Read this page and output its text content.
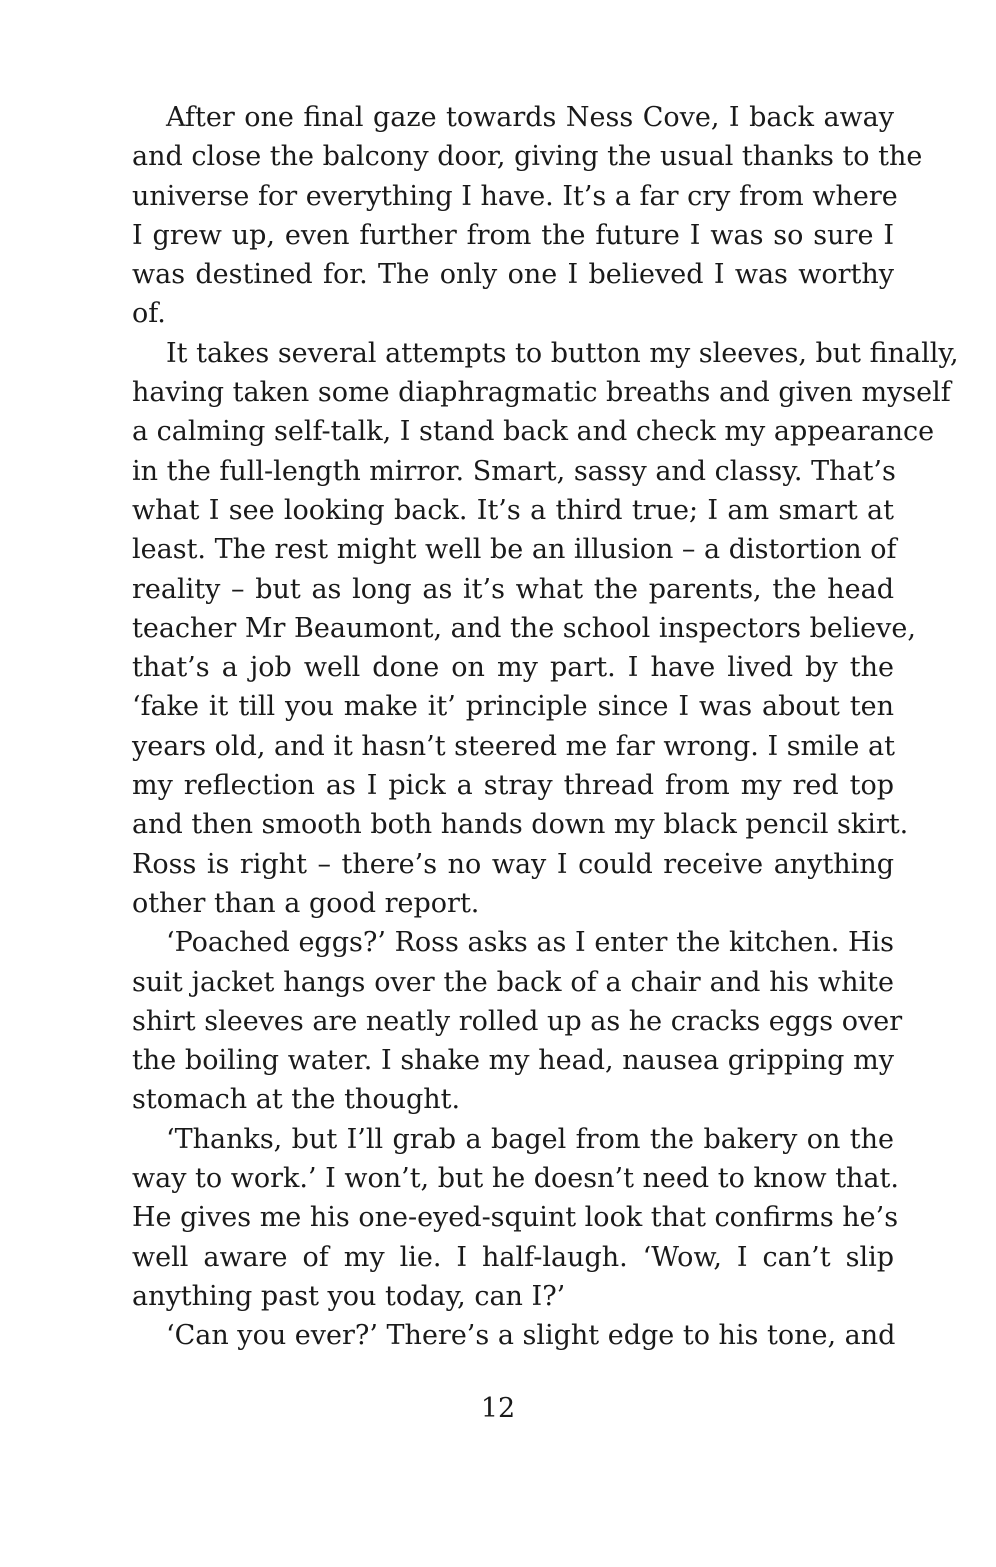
After one final gaze towards Ness Cove, I back away
and close the balcony door, giving the usual thanks to the
universe for everything I have. It’s a far cry from where
I grew up, even further from the future I was so sure I
was destined for. The only one I believed I was worthy
of.
It takes several attempts to button my sleeves, but finally,
having taken some diaphragmatic breaths and given myself
a calming self-talk, I stand back and check my appearance
in the full-length mirror. Smart, sassy and classy. That’s
what I see looking back. It’s a third true; I am smart at
least. The rest might well be an illusion – a distortion of
reality – but as long as it’s what the parents, the head
teacher Mr Beaumont, and the school inspectors believe,
that’s a job well done on my part. I have lived by the
‘fake it till you make it’ principle since I was about ten
years old, and it hasn’t steered me far wrong. I smile at
my reflection as I pick a stray thread from my red top
and then smooth both hands down my black pencil skirt.
Ross is right – there’s no way I could receive anything
other than a good report.
‘Poached eggs?’ Ross asks as I enter the kitchen. His
suit jacket hangs over the back of a chair and his white
shirt sleeves are neatly rolled up as he cracks eggs over
the boiling water. I shake my head, nausea gripping my
stomach at the thought.
‘Thanks, but I’ll grab a bagel from the bakery on the
way to work.’ I won’t, but he doesn’t need to know that.
He gives me his one-eyed-squint look that confirms he’s
well aware of my lie. I half-laugh. ‘Wow, I can’t slip
anything past you today, can I?’
‘Can you ever?’ There’s a slight edge to his tone, and
12
